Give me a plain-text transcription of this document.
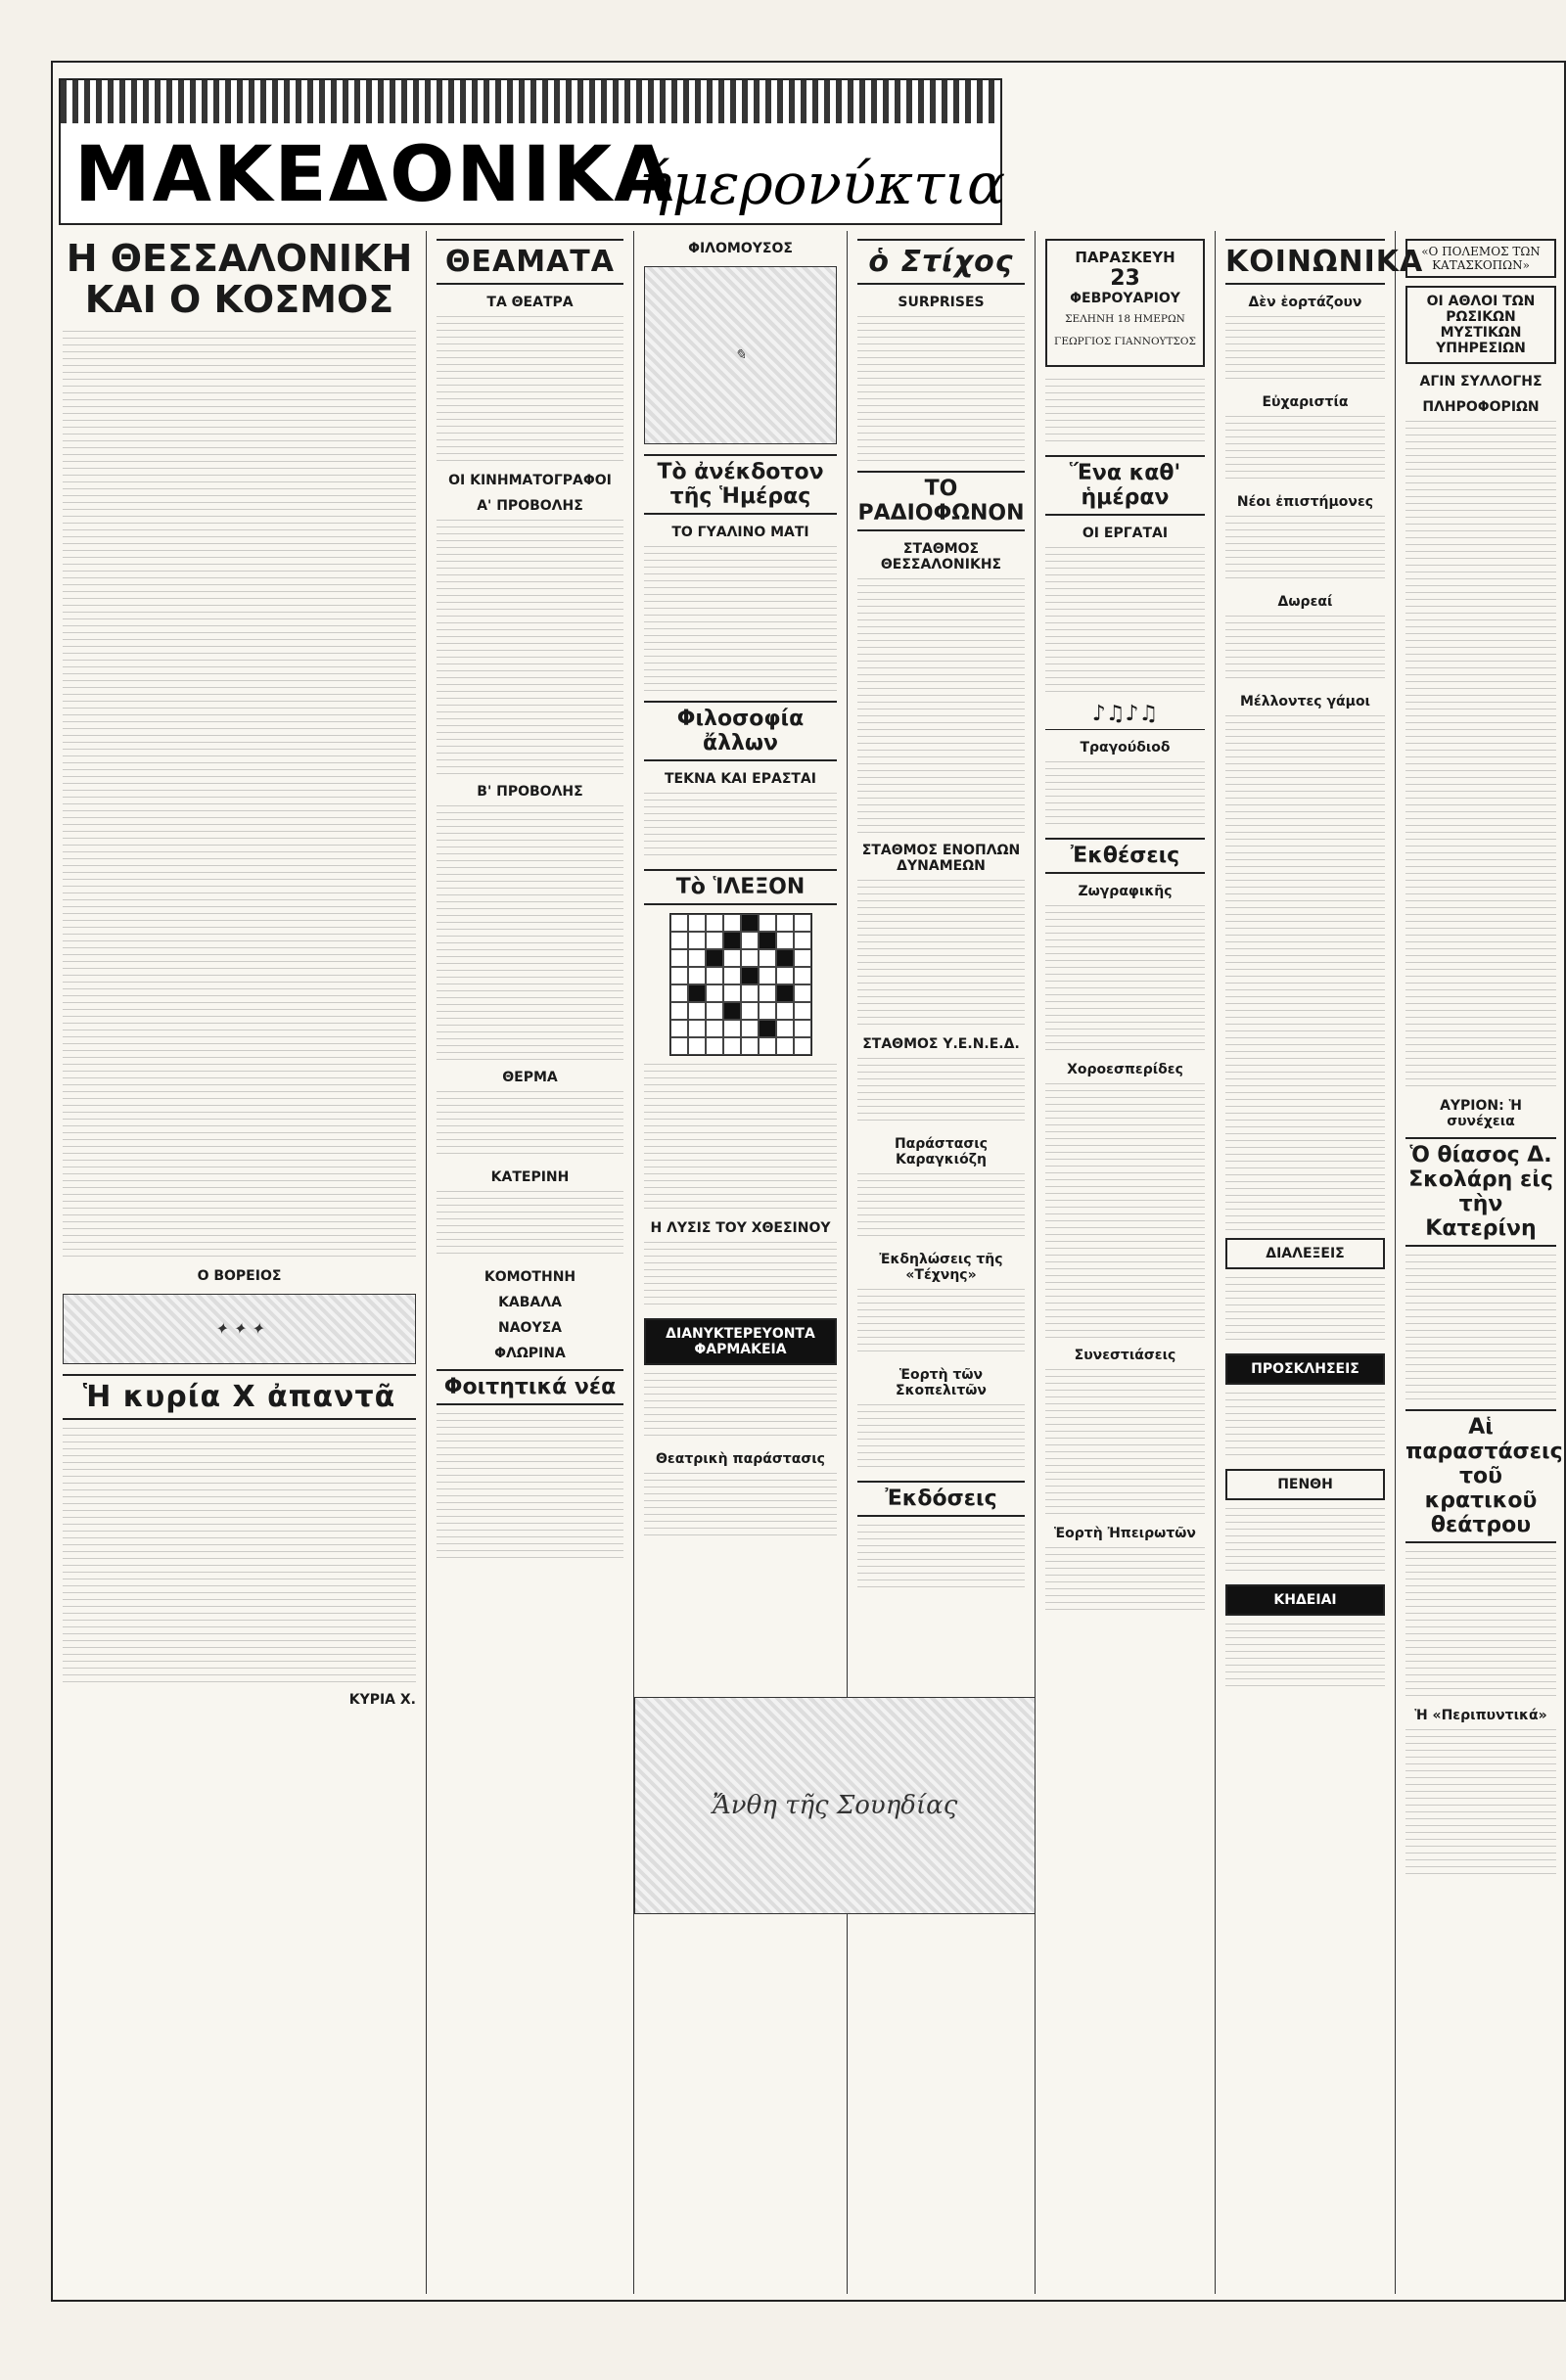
ΜΑΚΕΔΟΝΙΚΑ
ήμερονύκτια
Η ΘΕΣΣΑΛΟΝΙΚΗ ΚΑΙ Ο ΚΟΣΜΟΣ
Ο ΒΟΡΕΙΟΣ
✦ ✦ ✦
Ἡ κυρία Χ ἀπαντᾶ
ΚΥΡΙΑ Χ.
ΘΕΑΜΑΤΑ
ΤΑ ΘΕΑΤΡΑ
ΟΙ ΚΙΝΗΜΑΤΟΓΡΑΦΟΙ
Α' ΠΡΟΒΟΛΗΣ
Β' ΠΡΟΒΟΛΗΣ
ΘΕΡΜΑ
ΚΑΤΕΡΙΝΗ
ΚΟΜΟΤΗΝΗ
ΚΑΒΑΛΑ
ΝΑΟΥΣΑ
ΦΛΩΡΙΝΑ
Φοιτητικά νέα
ΦΙΛΟΜΟΥΣΟΣ
✎
Τὸ ἀνέκδοτον τῆς Ἡμέρας
ΤΟ ΓΥΑΛΙΝΟ ΜΑΤΙ
Φιλοσοφία ἄλλων
ΤΕΚΝΑ ΚΑΙ ΕΡΑΣΤΑΙ
Τὸ ἹΛΕΞΟΝ
Η ΛΥΣΙΣ ΤΟΥ ΧΘΕΣΙΝΟΥ
ΔΙΑΝΥΚΤΕΡΕΥΟΝΤΑ ΦΑΡΜΑΚΕΙΑ
Θεατρικὴ παράστασις
ὁ Στίχος
SURPRISES
ΤΟ ΡΑΔΙΟΦΩΝΟΝ
ΣΤΑΘΜΟΣ ΘΕΣΣΑΛΟΝΙΚΗΣ
ΣΤΑΘΜΟΣ ΕΝΟΠΛΩΝ ΔΥΝΑΜΕΩΝ
ΣΤΑΘΜΟΣ Υ.Ε.Ν.Ε.Δ.
Παράστασις Καραγκιόζη
Ἐκδηλώσεις τῆς «Τέχνης»
Ἑορτὴ τῶν Σκοπελιτῶν
Ἐκδόσεις
ΠΑΡΑΣΚΕΥΗ
23
ΦΕΒΡΟΥΑΡΙΟΥ
ΣΕΛΗΝΗ 18 ΗΜΕΡΩΝ
ΓΕΩΡΓΙΟΣ ΓΙΑΝΝΟΥΤΣΟΣ
Ἕνα καθ' ἡμέραν
ΟΙ ΕΡΓΑΤΑΙ
♪♫♪♫
Τραγούδιοδ
Ἐκθέσεις
Ζωγραφικῆς
Χοροεσπερίδες
Συνεστιάσεις
Ἑορτὴ Ἠπειρωτῶν
ΚΟΙΝΩΝΙΚΑ
Δὲν ἑορτάζουν
Εὐχαριστία
Νέοι ἐπιστήμονες
Δωρεαί
Μέλλοντες γάμοι
ΔΙΑΛΕΞΕΙΣ
ΠΡΟΣΚΛΗΣΕΙΣ
ΠΕΝΘΗ
ΚΗΔΕΙΑΙ
«Ο ΠΟΛΕΜΟΣ ΤΩΝ ΚΑΤΑΣΚΟΠΩΝ»
ΟΙ ΑΘΛΟΙ ΤΩΝ ΡΩΣΙΚΩΝ ΜΥΣΤΙΚΩΝ ΥΠΗΡΕΣΙΩΝ
ΑΓΙΝ ΣΥΛΛΟΓΗΣ
ΠΛΗΡΟΦΟΡΙΩΝ
ΑΥΡΙΟΝ: Ἡ συνέχεια
Ὁ θίασος Δ. Σκολάρη εἰς τὴν Κατερίνη
Αἱ παραστάσεις τοῦ κρατικοῦ θεάτρου
Ἡ «Περιπυντικά»
Ἄνθη τῆς Σουηδίας
